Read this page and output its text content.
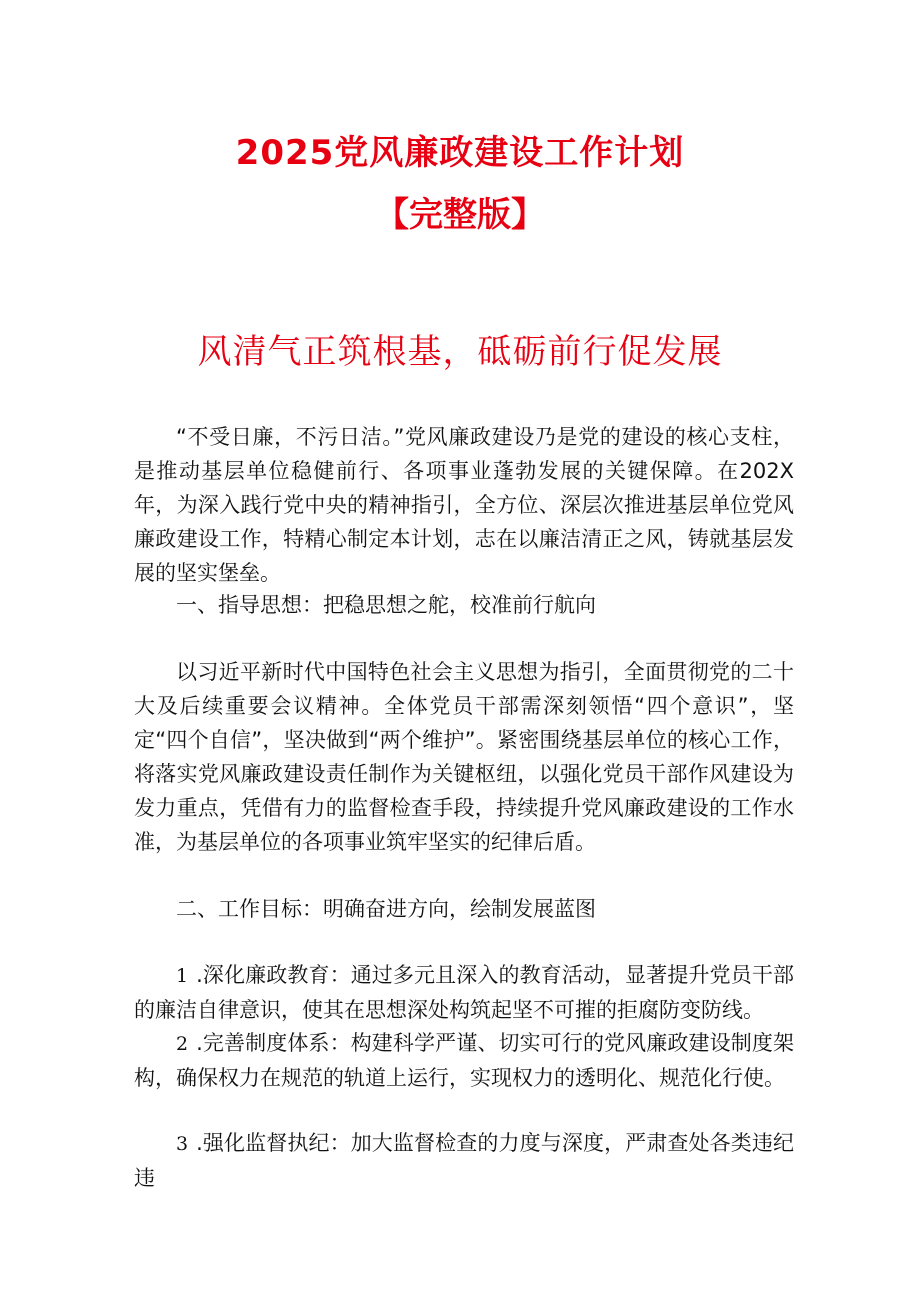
2025党风廉政建设工作计划
【完整版】
风清气正筑根基，砥砺前行促发展

“不受日廉，不污日洁。”党风廉政建设乃是党的建设的核心支柱，是推动基层单位稳健前行、各项事业蓬勃发展的关键保障。在202X年，为深入践行党中央的精神指引，全方位、深层次推进基层单位党风廉政建设工作，特精心制定本计划，志在以廉洁清正之风，铸就基层发展的坚实堡垒。

一、指导思想：把稳思想之舵，校准前行航向

以习近平新时代中国特色社会主义思想为指引，全面贯彻党的二十大及后续重要会议精神。全体党员干部需深刻领悟“四个意识”，坚定“四个自信”，坚决做到“两个维护”。紧密围绕基层单位的核心工作，将落实党风廉政建设责任制作为关键枢纽，以强化党员干部作风建设为发力重点，凭借有力的监督检查手段，持续提升党风廉政建设的工作水准，为基层单位的各项事业筑牢坚实的纪律后盾。

二、工作目标：明确奋进方向，绘制发展蓝图

1 .深化廉政教育：通过多元且深入的教育活动，显著提升党员干部的廉洁自律意识，使其在思想深处构筑起坚不可摧的拒腐防变防线。

2 .完善制度体系：构建科学严谨、切实可行的党风廉政建设制度架构，确保权力在规范的轨道上运行，实现权力的透明化、规范化行使。

3 .强化监督执纪：加大监督检查的力度与深度，严肃查处各类违纪违
